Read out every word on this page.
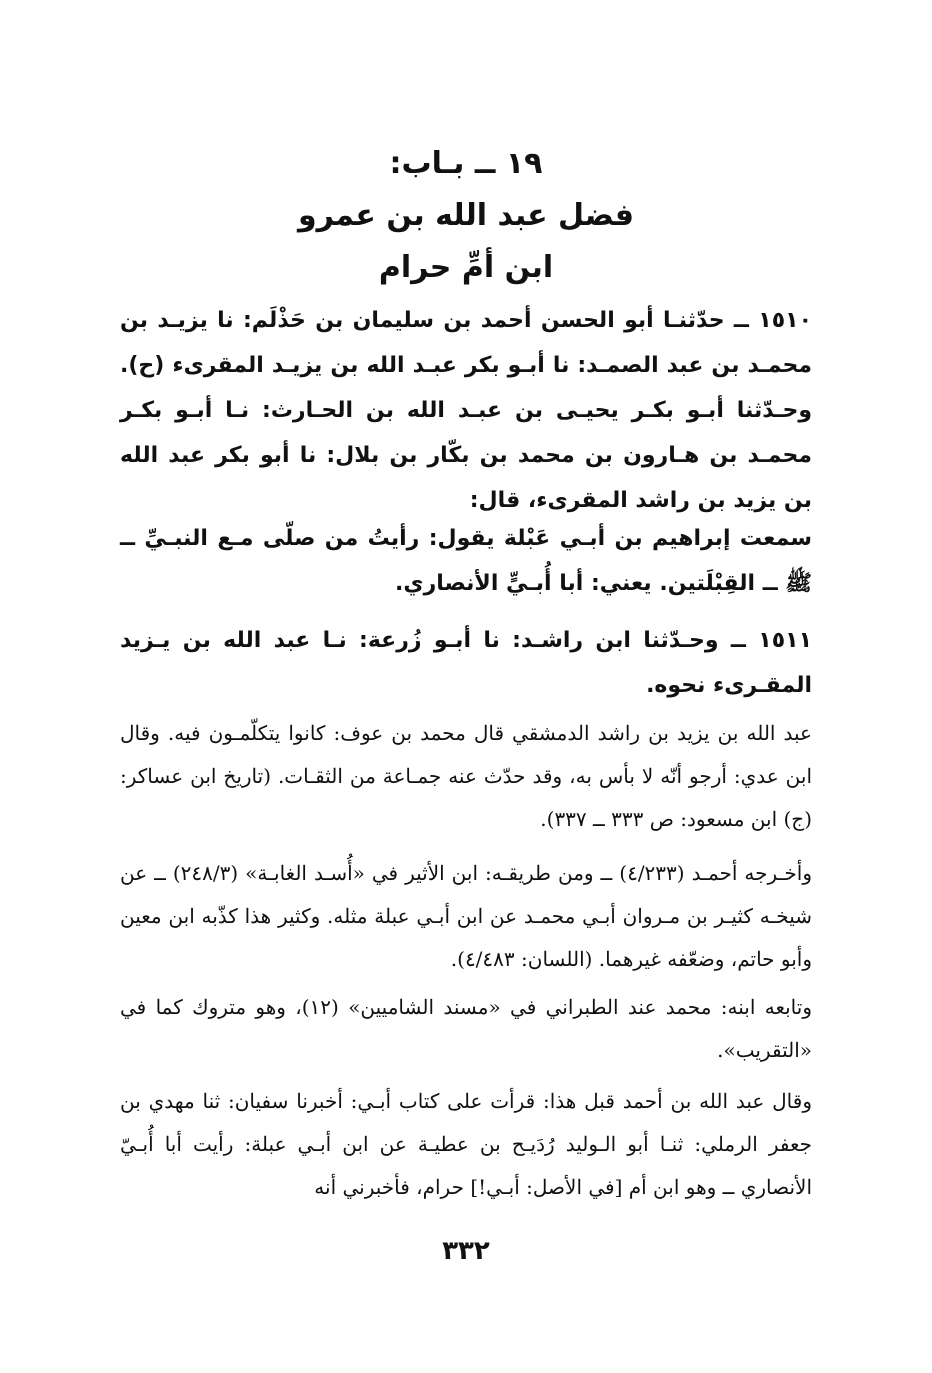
١٩ ــ بـاب:
فضل عبد الله بن عمرو
ابن أمِّ حرام
١٥١٠ ــ حدّثنـا أبو الحسن أحمد بن سليمان بن حَذْلَم: نا يزيـد بن محمـد بن عبد الصمـد: نا أبـو بكر عبـد الله بن يزيـد المقرىء (ح). وحـدّثنا أبـو بكـر يحيـى بن عبـد الله بن الحـارث: نـا أبـو بكـر محمـد بن هـارون بن محمد بن بكّار بن بلال: نا أبو بكر عبد الله بن يزيد بن راشد المقرىء، قال:
سمعت إبراهيم بن أبـي عَبْلة يقول: رأيتُ من صلّى مـع النبـيِّ ــ ﷺ ــ القِبْلَتين. يعني: أبا أُبـيٍّ الأنصاري.
١٥١١ ــ وحـدّثنا ابن راشـد: نا أبـو زُرعة: نـا عبد الله بن يـزيد المقـرىء نحوه.
عبد الله بن يزيد بن راشد الدمشقي قال محمد بن عوف: كانوا يتكلّمـون فيه. وقال ابن عدي: أرجو أنّه لا بأس به، وقد حدّث عنه جمـاعة من الثقـات. (تاريخ ابن عساكر: (ج) ابن مسعود: ص ٣٣٣ ــ ٣٣٧).
وأخـرجه أحمـد (٤/٢٣٣) ــ ومن طريقـه: ابن الأثير في «أُسـد الغابـة» (٢٤٨/٣) ــ عن شيخـه كثيـر بن مـروان أبـي محمـد عن ابن أبـي عبلة مثله. وكثير هذا كذّبه ابن معين وأبو حاتم، وضعّفه غيرهما. (اللسان: ٤/٤٨٣).
وتابعه ابنه: محمد عند الطبراني في «مسند الشاميين» (١٢)، وهو متروك كما في «التقريب».
وقال عبد الله بن أحمد قبل هذا: قرأت على كتاب أبـي: أخبرنا سفيان: ثنا مهدي بن جعفر الرملي: ثنـا أبو الـوليد رُدَيـح بن عطيـة عن ابن أبـي عبلة: رأيت أبا أُبـيّ الأنصاري ــ وهو ابن أم [في الأصل: أبـي!] حرام، فأخبرني أنه
٣٣٢
